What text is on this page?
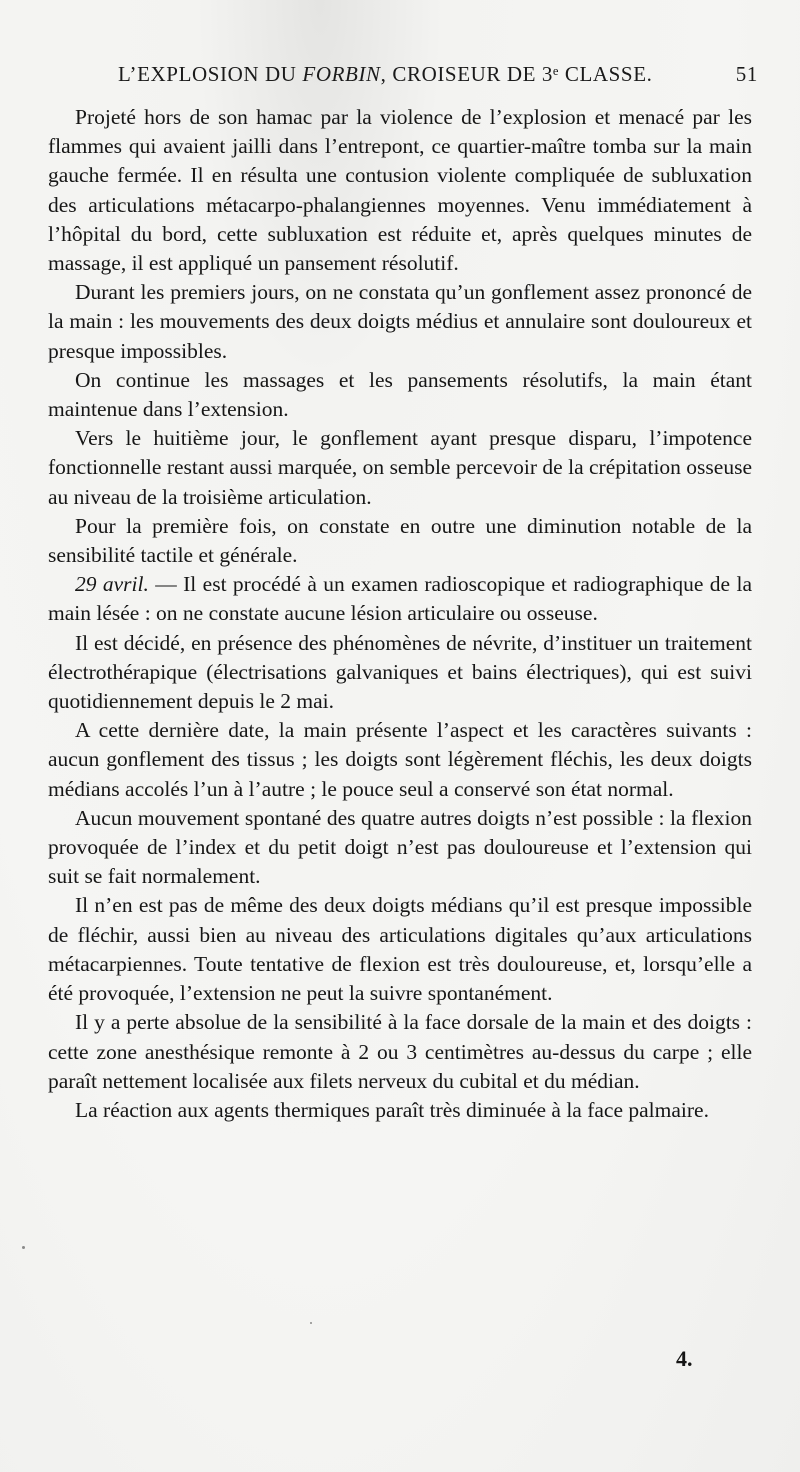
L’EXPLOSION DU FORBIN, CROISEUR DE 3ᵉ CLASSE.	51

Projeté hors de son hamac par la violence de l’explosion et menacé par les flammes qui avaient jailli dans l’entrepont, ce quartier-maître tomba sur la main gauche fermée. Il en résulta une contusion violente compliquée de subluxation des articulations métacarpo-phalangiennes moyennes. Venu immédiatement à l’hôpital du bord, cette subluxation est réduite et, après quelques minutes de massage, il est appliqué un pansement résolutif.

Durant les premiers jours, on ne constata qu’un gonflement assez prononcé de la main : les mouvements des deux doigts médius et annulaire sont douloureux et presque impossibles.

On continue les massages et les pansements résolutifs, la main étant maintenue dans l’extension.

Vers le huitième jour, le gonflement ayant presque disparu, l’impotence fonctionnelle restant aussi marquée, on semble percevoir de la crépitation osseuse au niveau de la troisième articulation.

Pour la première fois, on constate en outre une diminution notable de la sensibilité tactile et générale.

29 avril. — Il est procédé à un examen radioscopique et radiographique de la main lésée : on ne constate aucune lésion articulaire ou osseuse.

Il est décidé, en présence des phénomènes de névrite, d’instituer un traitement électrothérapique (électrisations galvaniques et bains électriques), qui est suivi quotidiennement depuis le 2 mai.

A cette dernière date, la main présente l’aspect et les caractères suivants : aucun gonflement des tissus ; les doigts sont légèrement fléchis, les deux doigts médians accolés l’un à l’autre ; le pouce seul a conservé son état normal.

Aucun mouvement spontané des quatre autres doigts n’est possible : la flexion provoquée de l’index et du petit doigt n’est pas douloureuse et l’extension qui suit se fait normalement.

Il n’en est pas de même des deux doigts médians qu’il est presque impossible de fléchir, aussi bien au niveau des articulations digitales qu’aux articulations métacarpiennes. Toute tentative de flexion est très douloureuse, et, lorsqu’elle a été provoquée, l’extension ne peut la suivre spontanément.

Il y a perte absolue de la sensibilité à la face dorsale de la main et des doigts : cette zone anesthésique remonte à 2 ou 3 centimètres au-dessus du carpe ; elle paraît nettement localisée aux filets nerveux du cubital et du médian.

La réaction aux agents thermiques paraît très diminuée à la face palmaire.

4.
